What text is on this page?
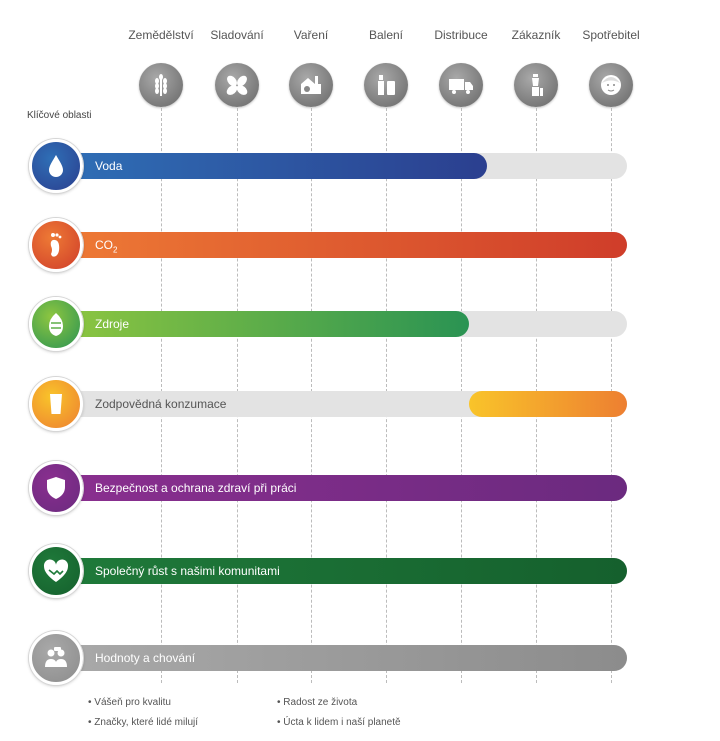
Zemědělství	Sladování	Vaření	Balení	Distribuce	Zákazník	Spotřebitel
Klíčové oblasti
Voda
$CO_2$
Zdroje
Zodpovědná konzumace
Bezpečnost a ochrana zdraví při práci
Společný růst s našimi komunitami
Hodnoty a chování
• Vášeň pro kvalitu
• Značky, které lidé milují
• Radost ze života
• Úcta k lidem i naší planetě
